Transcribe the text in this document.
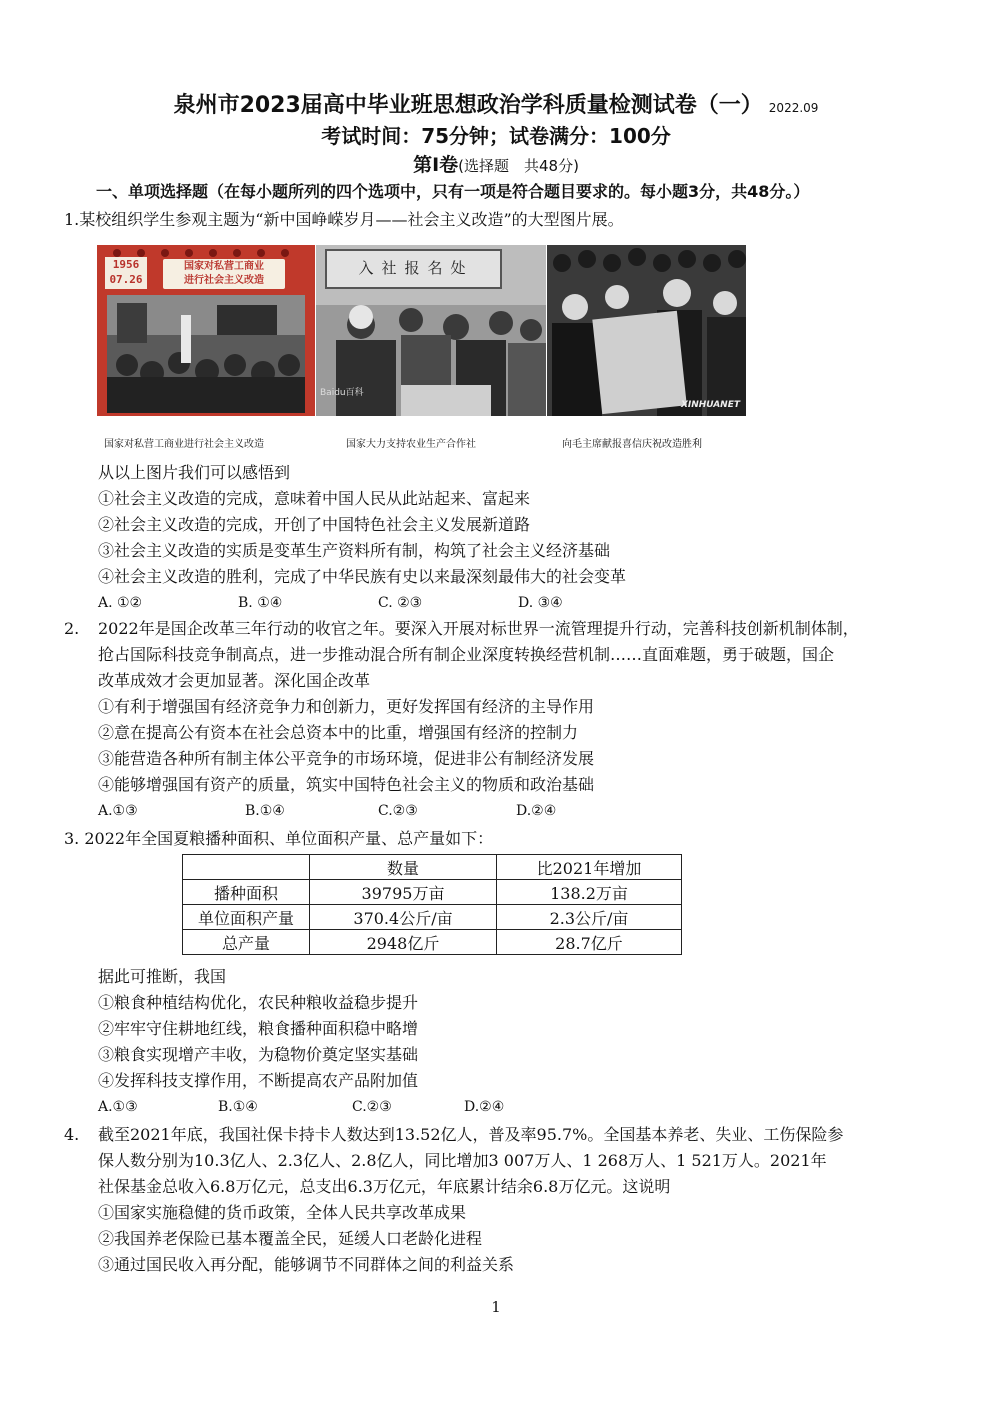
泉州市2023届高中毕业班思想政治学科质量检测试卷（一） 2022.09
考试时间：75分钟；试卷满分：100分
第Ⅰ卷(选择题　共48分)
一、单项选择题（在每小题所列的四个选项中，只有一项是符合题目要求的。每小题3分，共48分。）
1.某校组织学生参观主题为“新中国峥嵘岁月——社会主义改造”的大型图片展。
1956
07.26
国家对私营工商业
进行社会主义改造
入社报名处
Baidu百科
XINHUANET
国家对私营工商业进行社会主义改造	国家大力支持农业生产合作社	向毛主席献报喜信庆祝改造胜利
从以上图片我们可以感悟到
①社会主义改造的完成，意味着中国人民从此站起来、富起来
②社会主义改造的完成，开创了中国特色社会主义发展新道路
③社会主义改造的实质是变革生产资料所有制，构筑了社会主义经济基础
④社会主义改造的胜利，完成了中华民族有史以来最深刻最伟大的社会变革
A. ①②	B. ①④	C. ②③	D. ③④
2. 2022年是国企改革三年行动的收官之年。要深入开展对标世界一流管理提升行动，完善科技创新机制体制，
抢占国际科技竞争制高点，进一步推动混合所有制企业深度转换经营机制……直面难题，勇于破题，国企
改革成效才会更加显著。深化国企改革
①有利于增强国有经济竞争力和创新力，更好发挥国有经济的主导作用
②意在提高公有资本在社会总资本中的比重，增强国有经济的控制力
③能营造各种所有制主体公平竞争的市场环境，促进非公有制经济发展
④能够增强国有资产的质量，筑实中国特色社会主义的物质和政治基础
A.①③	B.①④	C.②③	D.②④
3. 2022年全国夏粮播种面积、单位面积产量、总产量如下：
	数量	比2021年增加
播种面积	39795万亩	138.2万亩
单位面积产量	370.4公斤/亩	2.3公斤/亩
总产量	2948亿斤	28.7亿斤
据此可推断，我国
①粮食种植结构优化，农民种粮收益稳步提升
②牢牢守住耕地红线，粮食播种面积稳中略增
③粮食实现增产丰收，为稳物价奠定坚实基础
④发挥科技支撑作用，不断提高农产品附加值
A.①③	B.①④	C.②③	D.②④
4. 截至2021年底，我国社保卡持卡人数达到13.52亿人，普及率95.7%。全国基本养老、失业、工伤保险参
保人数分别为10.3亿人、2.3亿人、2.8亿人，同比增加3 007万人、1 268万人、1 521万人。2021年
社保基金总收入6.8万亿元，总支出6.3万亿元，年底累计结余6.8万亿元。这说明
①国家实施稳健的货币政策，全体人民共享改革成果
②我国养老保险已基本覆盖全民，延缓人口老龄化进程
③通过国民收入再分配，能够调节不同群体之间的利益关系
1
